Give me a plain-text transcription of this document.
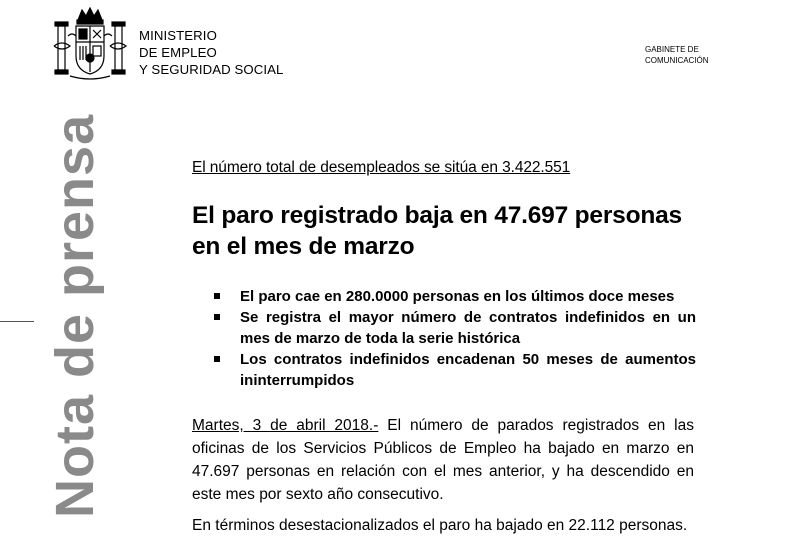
MINISTERIO
DE EMPLEO
Y SEGURIDAD SOCIAL
GABINETE DE
COMUNICACIÓN
Nota de prensa	El número total de desempleados se sitúa en 3.422.551
El paro registrado baja en 47.697 personas
en el mes de marzo
El paro cae en 280.0000 personas en los últimos doce meses
Se registra el mayor número de contratos indefinidos en un mes de marzo de toda la serie histórica
Los contratos indefinidos encadenan 50 meses de aumentos ininterrumpidos

Martes, 3 de abril 2018.- El número de parados registrados en las oficinas de los Servicios Públicos de Empleo ha bajado en marzo en 47.697 personas en relación con el mes anterior, y ha descendido en este mes por sexto año consecutivo.

En términos desestacionalizados el paro ha bajado en 22.112 personas.
